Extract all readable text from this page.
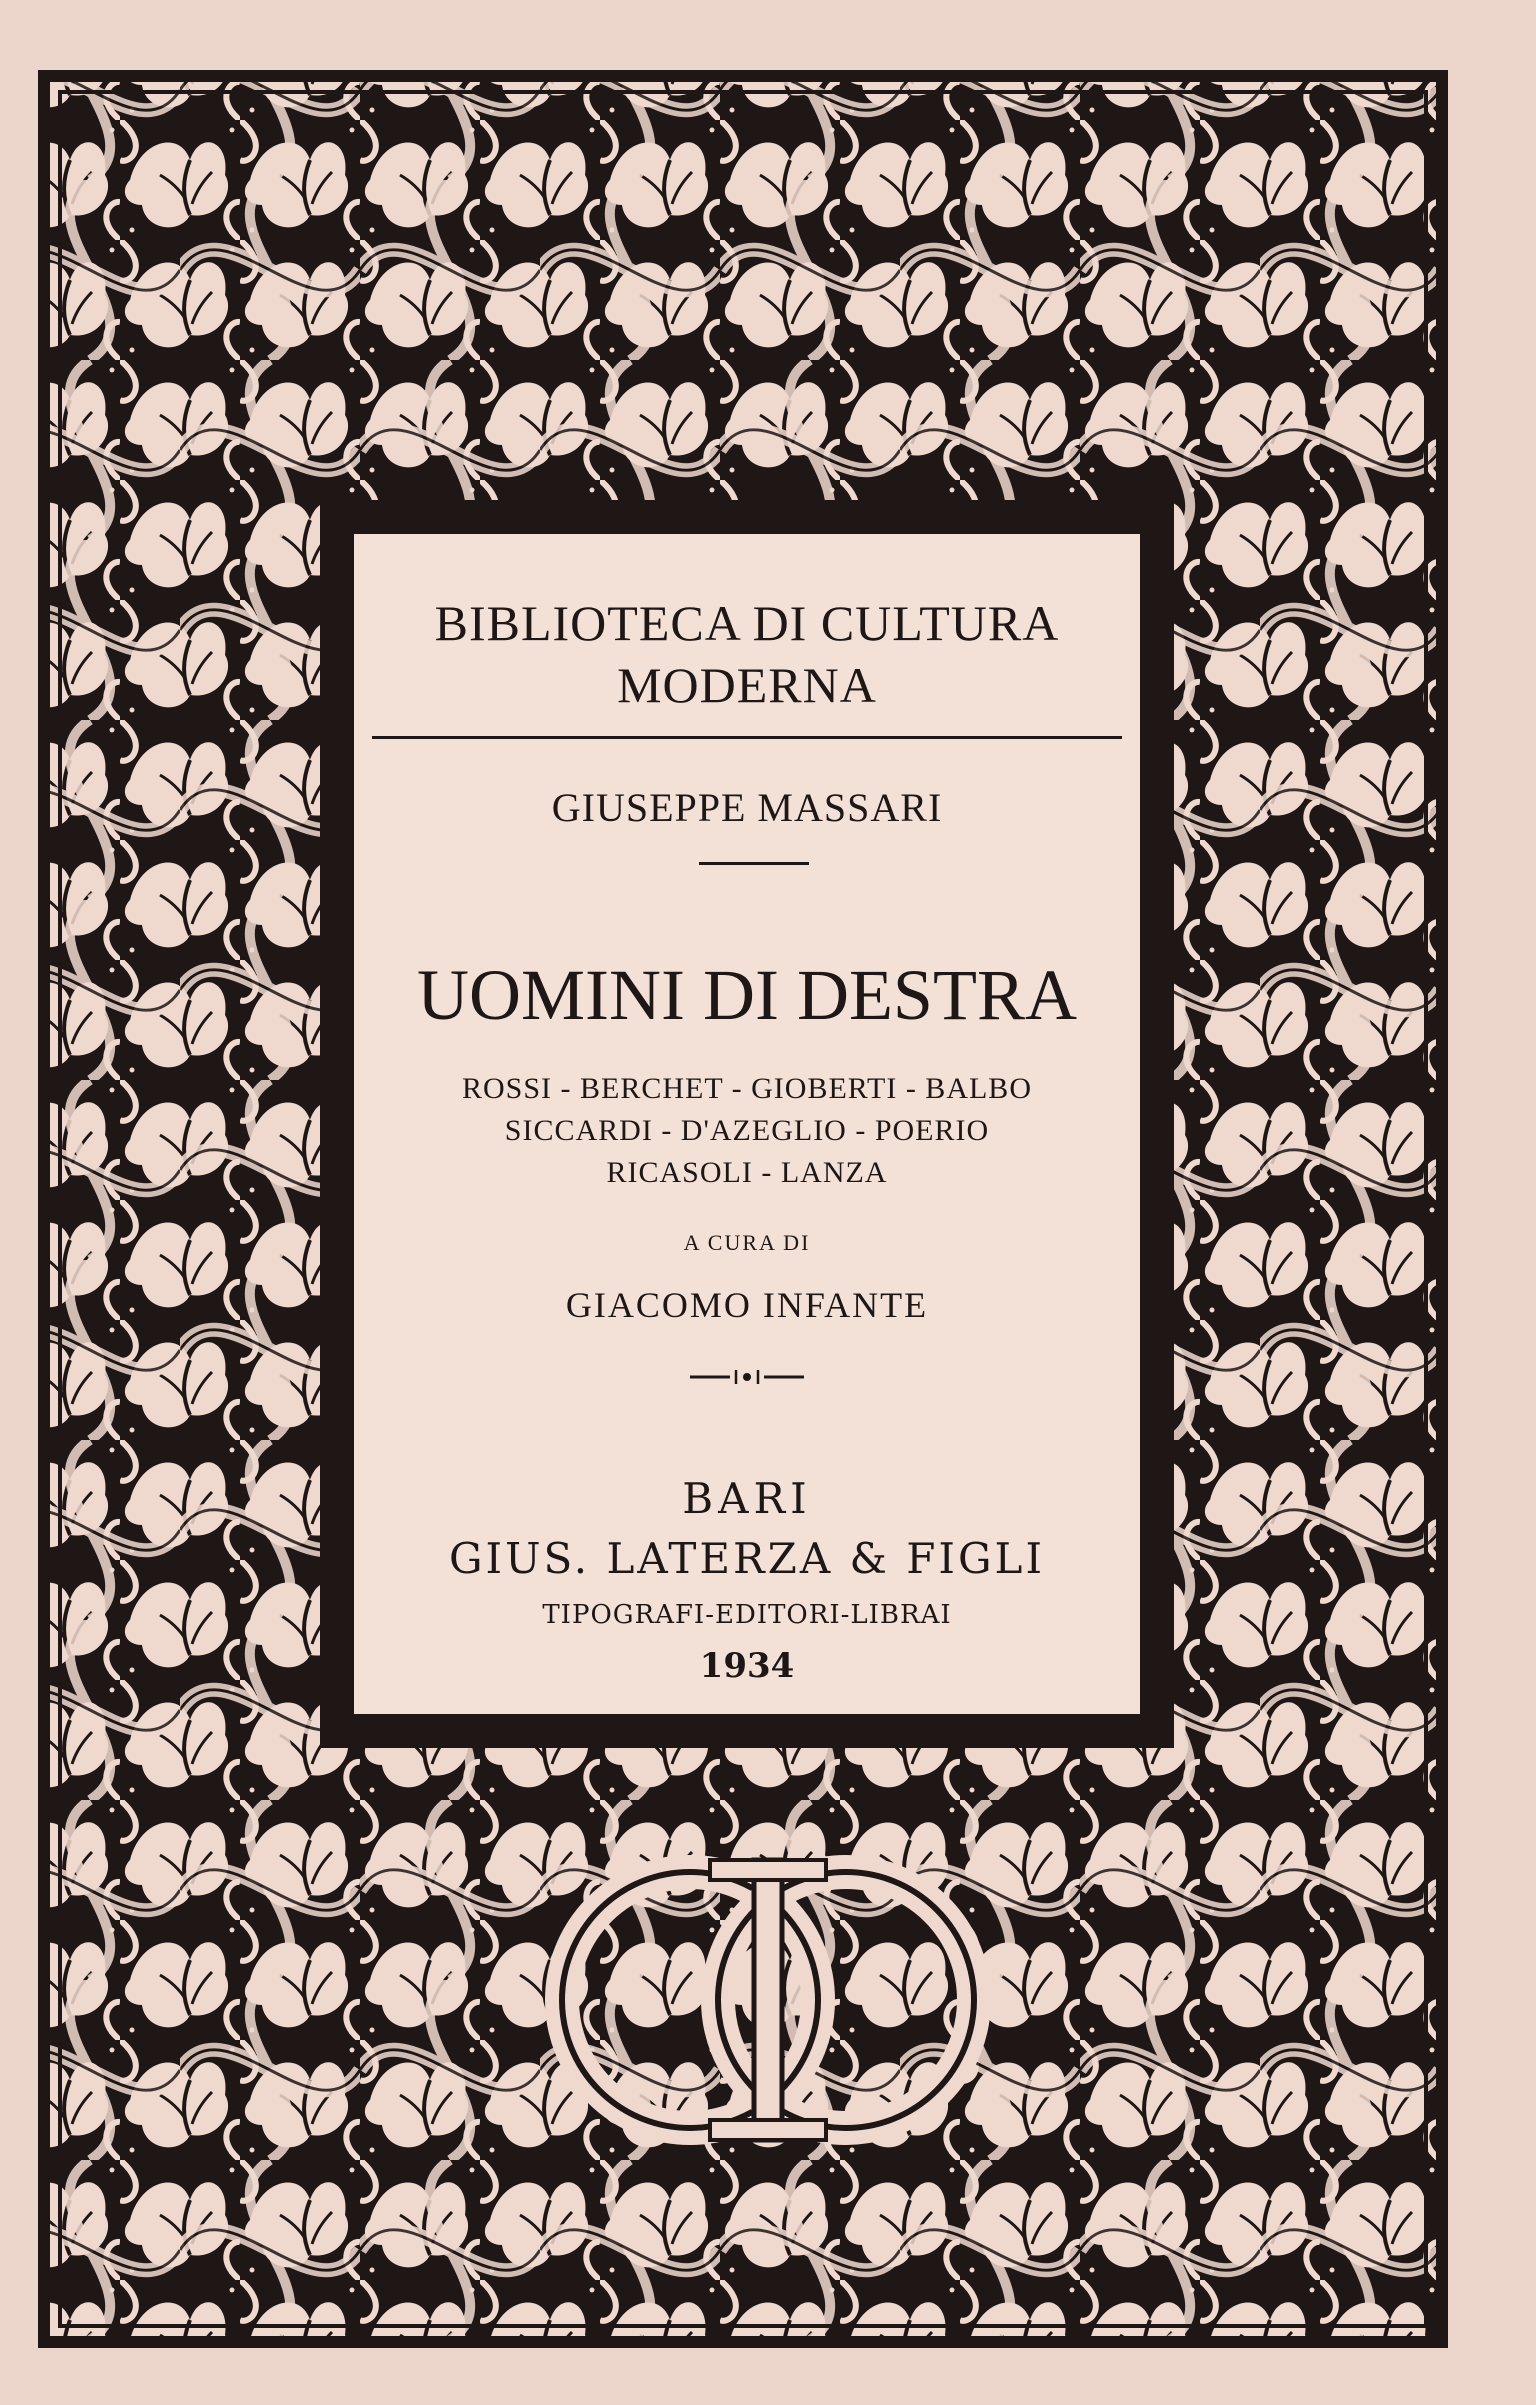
BIBLIOTECA DI CULTURA
MODERNA
GIUSEPPE MASSARI
UOMINI DI DESTRA
ROSSI - BERCHET - GIOBERTI - BALBO
SICCARDI - D'AZEGLIO - POERIO
RICASOLI - LANZA
A CURA DI
GIACOMO INFANTE
BARI
GIUS. LATERZA & FIGLI
TIPOGRAFI-EDITORI-LIBRAI
1934
